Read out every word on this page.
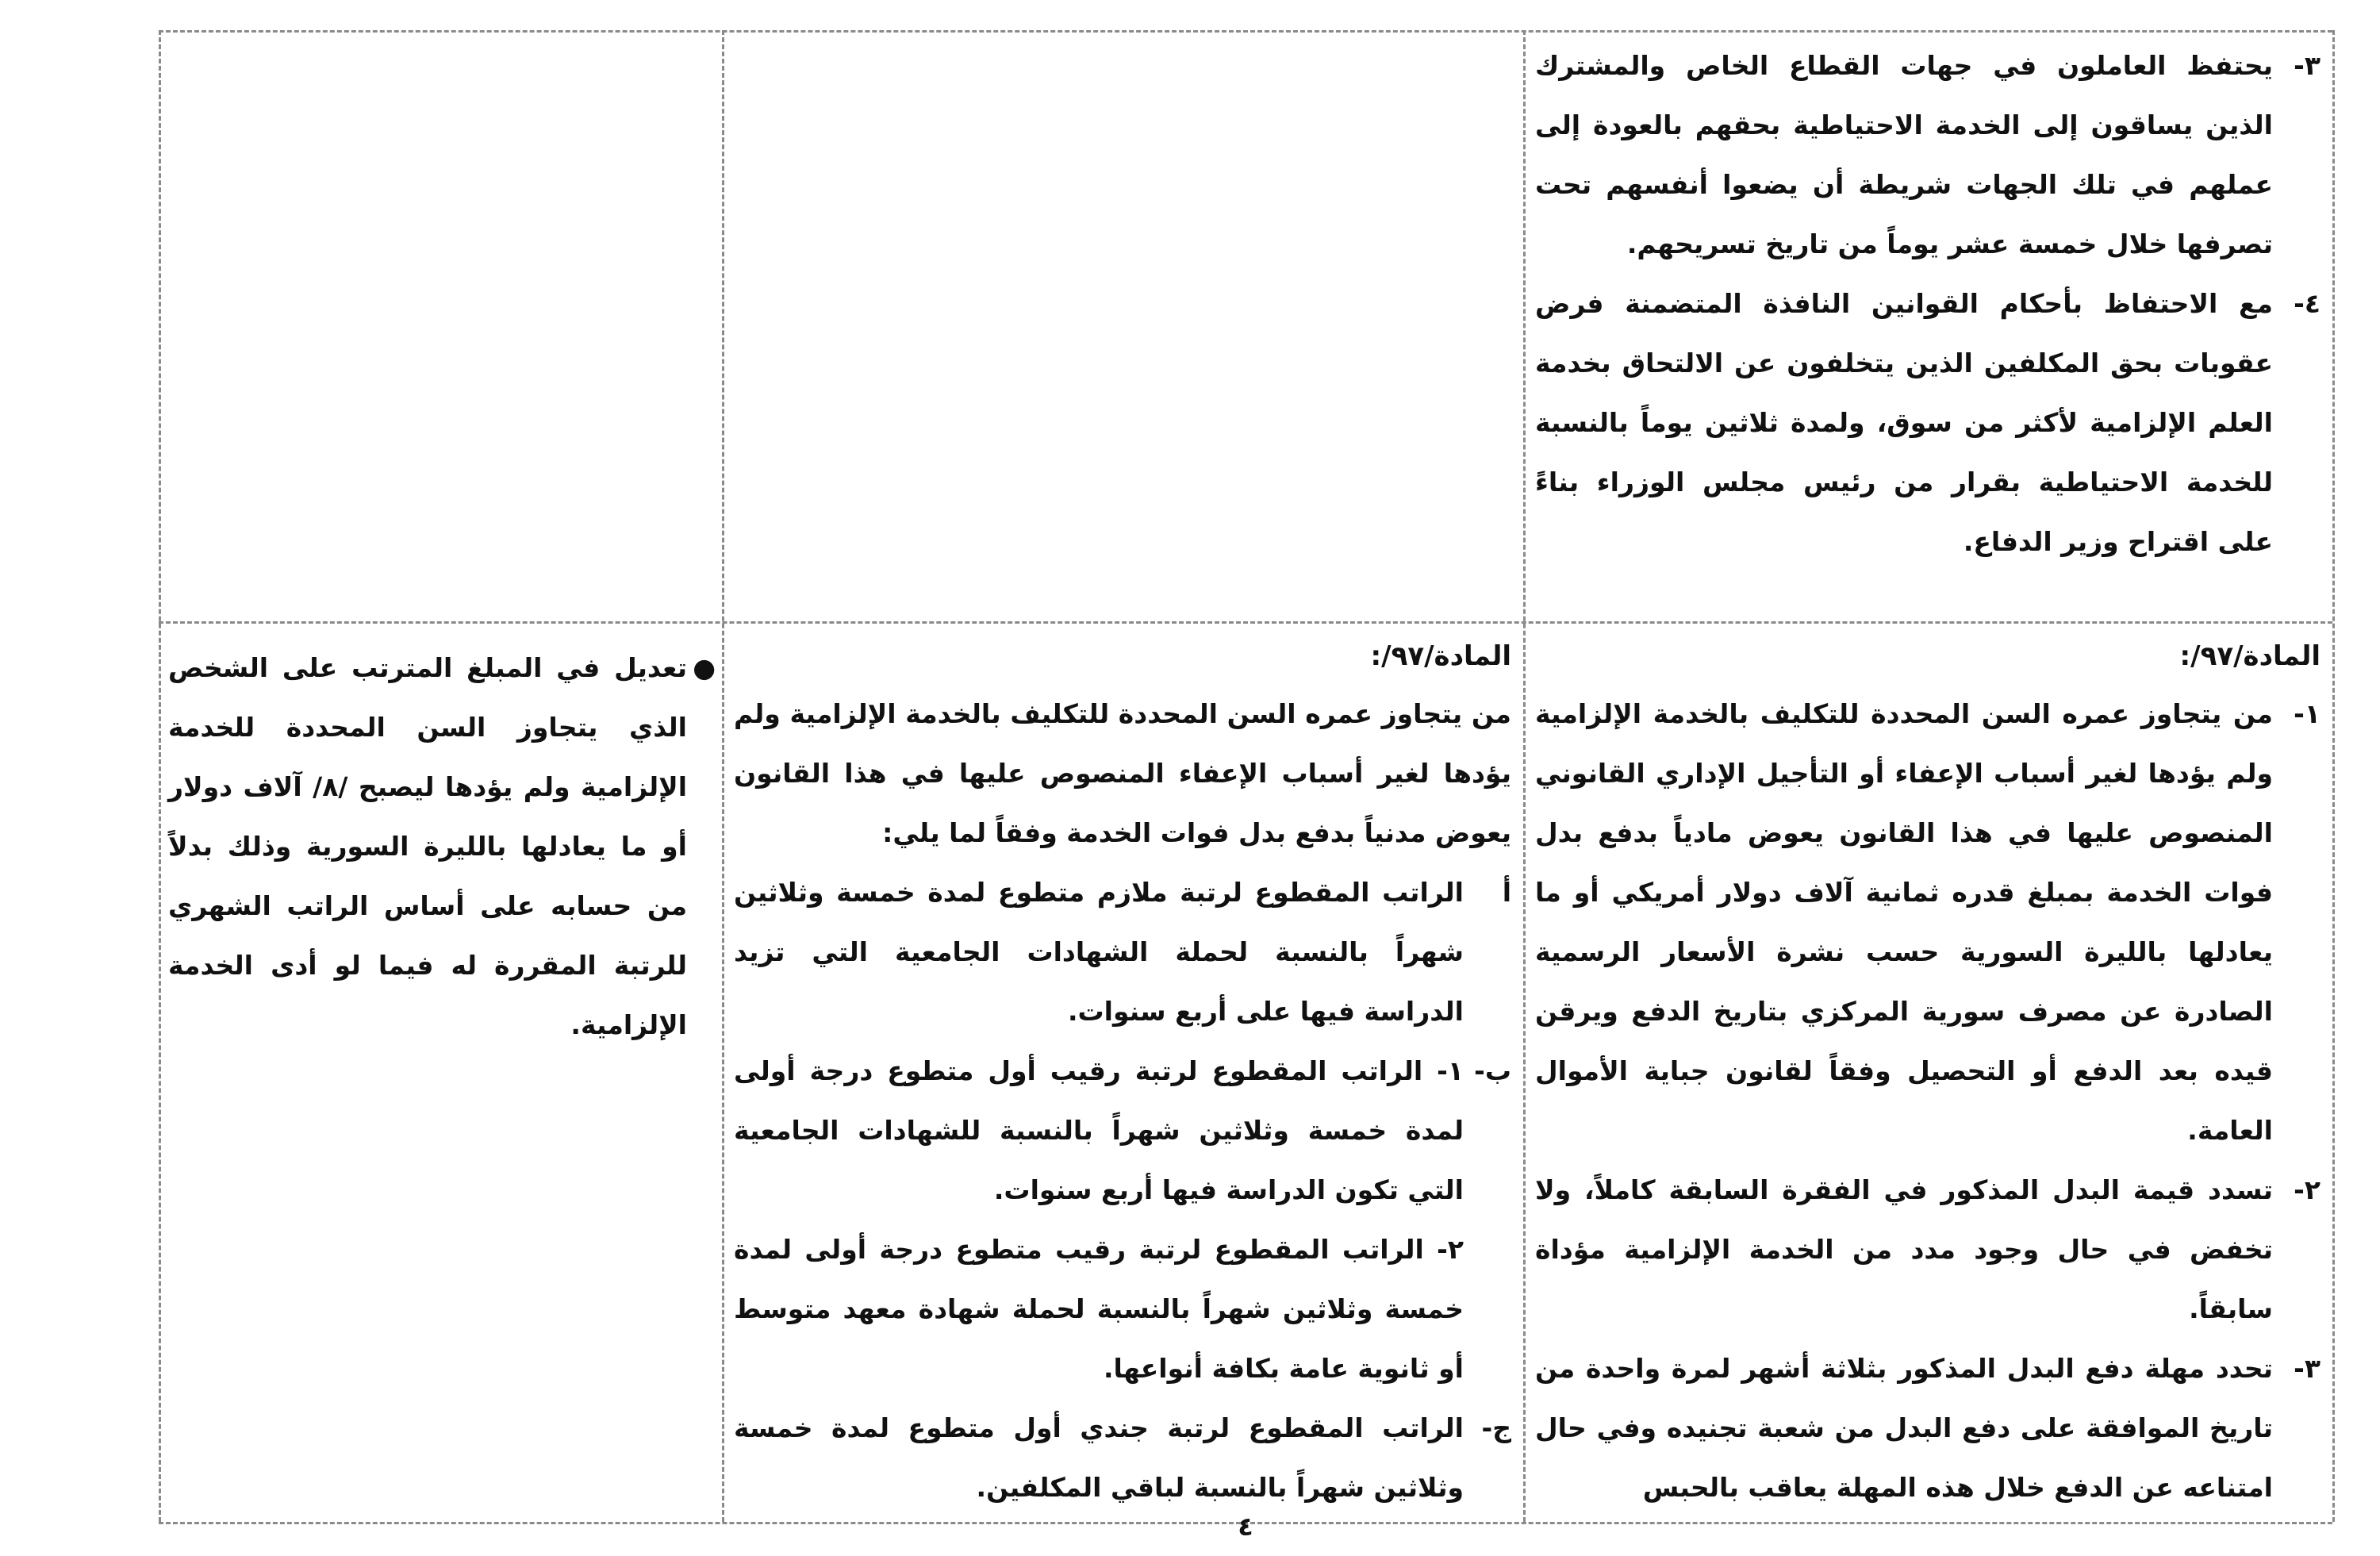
٣-
يحتفظ العاملون في جهات القطاع الخاص والمشترك الذين يساقون إلى الخدمة الاحتياطية بحقهم بالعودة إلى عملهم في تلك الجهات شريطة أن يضعوا أنفسهم تحت تصرفها خلال خمسة عشر يوماً من تاريخ تسريحهم.
٤-
مع الاحتفاظ بأحكام القوانين النافذة المتضمنة فرض عقوبات بحق المكلفين الذين يتخلفون عن الالتحاق بخدمة العلم الإلزامية لأكثر من سوق، ولمدة ثلاثين يوماً بالنسبة للخدمة الاحتياطية بقرار من رئيس مجلس الوزراء بناءً على اقتراح وزير الدفاع.
المادة/٩٧/:
١-
من يتجاوز عمره السن المحددة للتكليف بالخدمة الإلزامية ولم يؤدها لغير أسباب الإعفاء أو التأجيل الإداري القانوني المنصوص عليها في هذا القانون يعوض مادياً بدفع بدل فوات الخدمة بمبلغ قدره ثمانية آلاف دولار أمريكي أو ما يعادلها بالليرة السورية حسب نشرة الأسعار الرسمية الصادرة عن مصرف سورية المركزي بتاريخ الدفع ويرقن قيده بعد الدفع أو التحصيل وفقاً لقانون جباية الأموال العامة.
٢-
تسدد قيمة البدل المذكور في الفقرة السابقة كاملاً، ولا تخفض في حال وجود مدد من الخدمة الإلزامية مؤداة سابقاً.
٣-
تحدد مهلة دفع البدل المذكور بثلاثة أشهر لمرة واحدة من تاريخ الموافقة على دفع البدل من شعبة تجنيده وفي حال امتناعه عن الدفع خلال هذه المهلة يعاقب بالحبس
المادة/٩٧/:
من يتجاوز عمره السن المحددة للتكليف بالخدمة الإلزامية ولم يؤدها لغير أسباب الإعفاء المنصوص عليها في هذا القانون يعوض مدنياً بدفع بدل فوات الخدمة وفقاً لما يلي:
أ
الراتب المقطوع لرتبة ملازم متطوع لمدة خمسة وثلاثين شهراً بالنسبة لحملة الشهادات الجامعية التي تزيد الدراسة فيها على أربع سنوات.
ب-
١- الراتب المقطوع لرتبة رقيب أول متطوع درجة أولى لمدة خمسة وثلاثين شهراً بالنسبة للشهادات الجامعية التي تكون الدراسة فيها أربع سنوات.
٢- الراتب المقطوع لرتبة رقيب متطوع درجة أولى لمدة خمسة وثلاثين شهراً بالنسبة لحملة شهادة معهد متوسط أو ثانوية عامة بكافة أنواعها.
ج-
الراتب المقطوع لرتبة جندي أول متطوع لمدة خمسة وثلاثين شهراً بالنسبة لباقي المكلفين.
●
تعديل في المبلغ المترتب على الشخص الذي يتجاوز السن المحددة للخدمة الإلزامية ولم يؤدها ليصبح /٨/ آلاف دولار أو ما يعادلها بالليرة السورية وذلك بدلاً من حسابه على أساس الراتب الشهري للرتبة المقررة له فيما لو أدى الخدمة الإلزامية.
٤
